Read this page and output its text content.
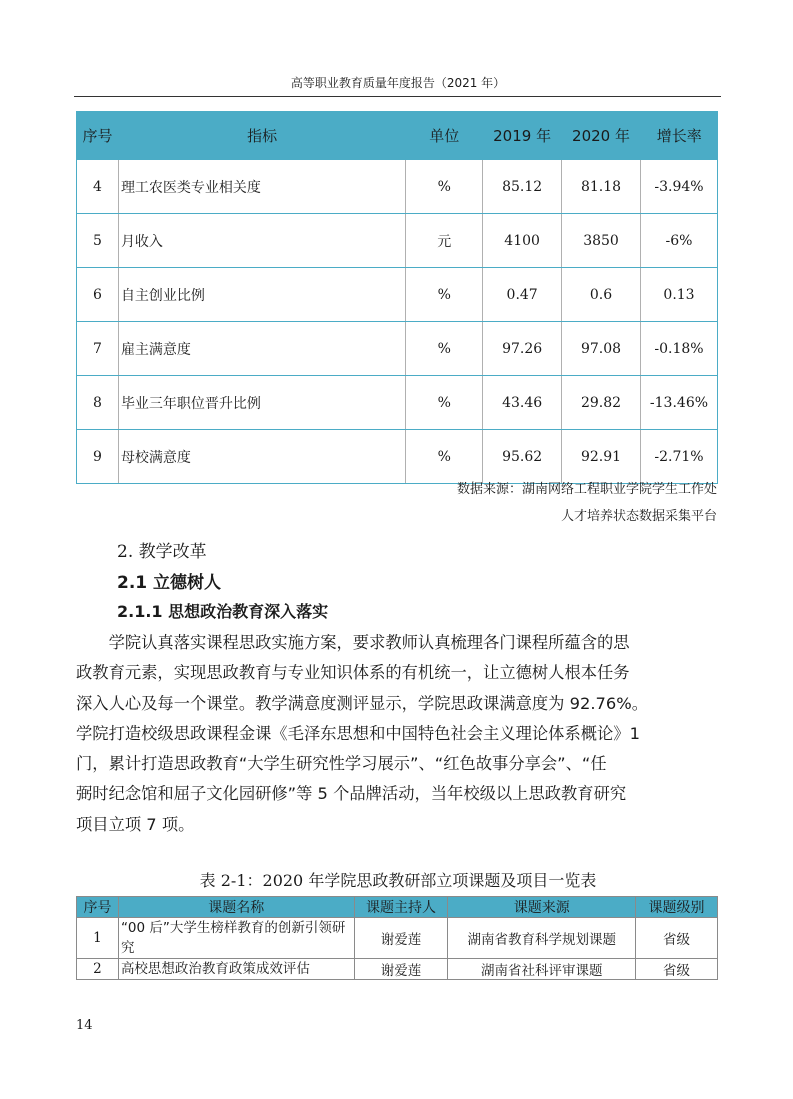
高等职业教育质量年度报告（2021 年）
序号	指标	单位	2019 年	2020 年	增长率
4	理工农医类专业相关度	%	85.12	81.18	-3.94%
5	月收入	元	4100	3850	-6%
6	自主创业比例	%	0.47	0.6	0.13
7	雇主满意度	%	97.26	97.08	-0.18%
8	毕业三年职位晋升比例	%	43.46	29.82	-13.46%
9	母校满意度	%	95.62	92.91	-2.71%
数据来源：湖南网络工程职业学院学生工作处
人才培养状态数据采集平台
2. 教学改革
2.1 立德树人
2.1.1 思想政治教育深入落实
　　学院认真落实课程思政实施方案，要求教师认真梳理各门课程所蕴含的思
政教育元素，实现思政教育与专业知识体系的有机统一，让立德树人根本任务
深入人心及每一个课堂。教学满意度测评显示，学院思政课满意度为 92.76%。
学院打造校级思政课程金课《毛泽东思想和中国特色社会主义理论体系概论》1
门，累计打造思政教育“大学生研究性学习展示”、“红色故事分享会”、“任
弼时纪念馆和屈子文化园研修”等 5 个品牌活动，当年校级以上思政教育研究
项目立项 7 项。
表 2-1：2020 年学院思政教研部立项课题及项目一览表
序号	课题名称	课题主持人	课题来源	课题级别
1	“00 后”大学生榜样教育的创新引领研究	谢爱莲	湖南省教育科学规划课题	省级
2	高校思想政治教育政策成效评估	谢爱莲	湖南省社科评审课题	省级
14
